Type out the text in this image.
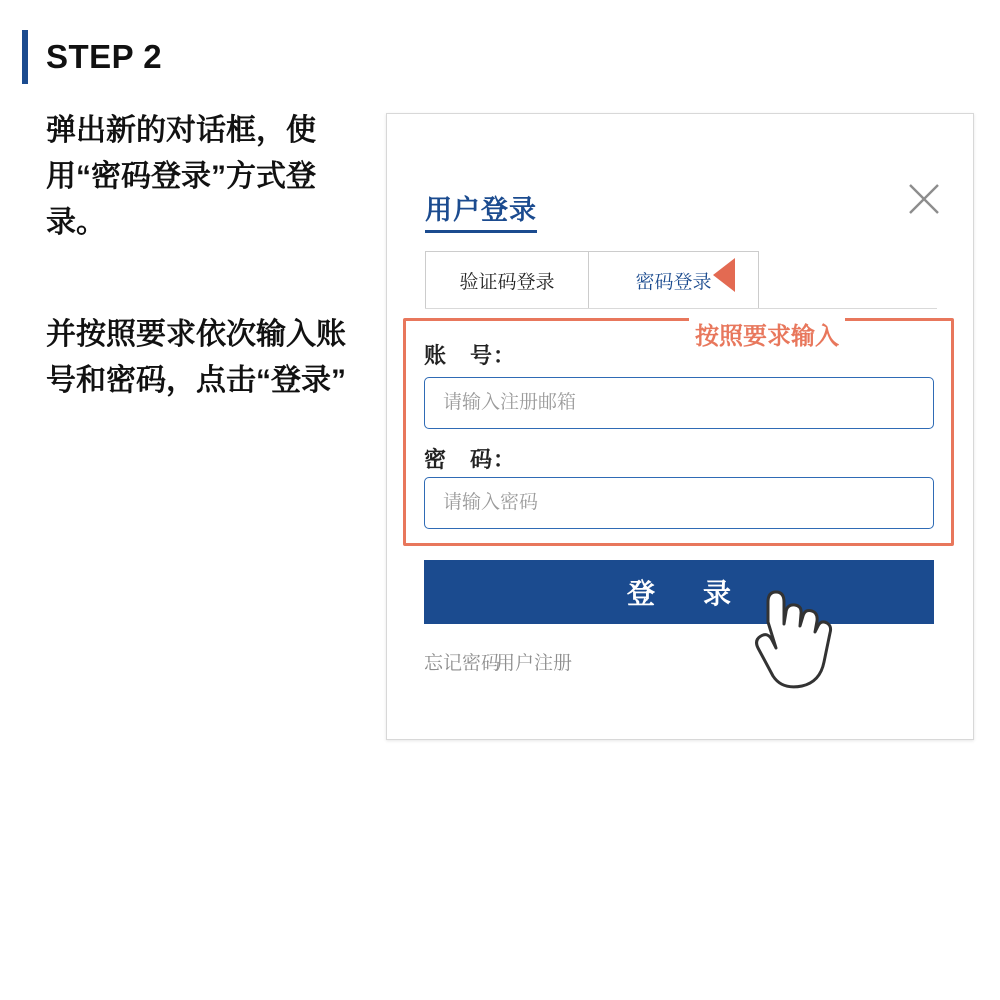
STEP 2
弹出新的对话框，使用“密码登录”方式登录。
并按照要求依次输入账号和密码，点击“登录”
用户登录
验证码登录	密码登录
按照要求输入
账　号：
请输入注册邮箱
密　码：
请输入密码
登　录
忘记密码
用户注册
